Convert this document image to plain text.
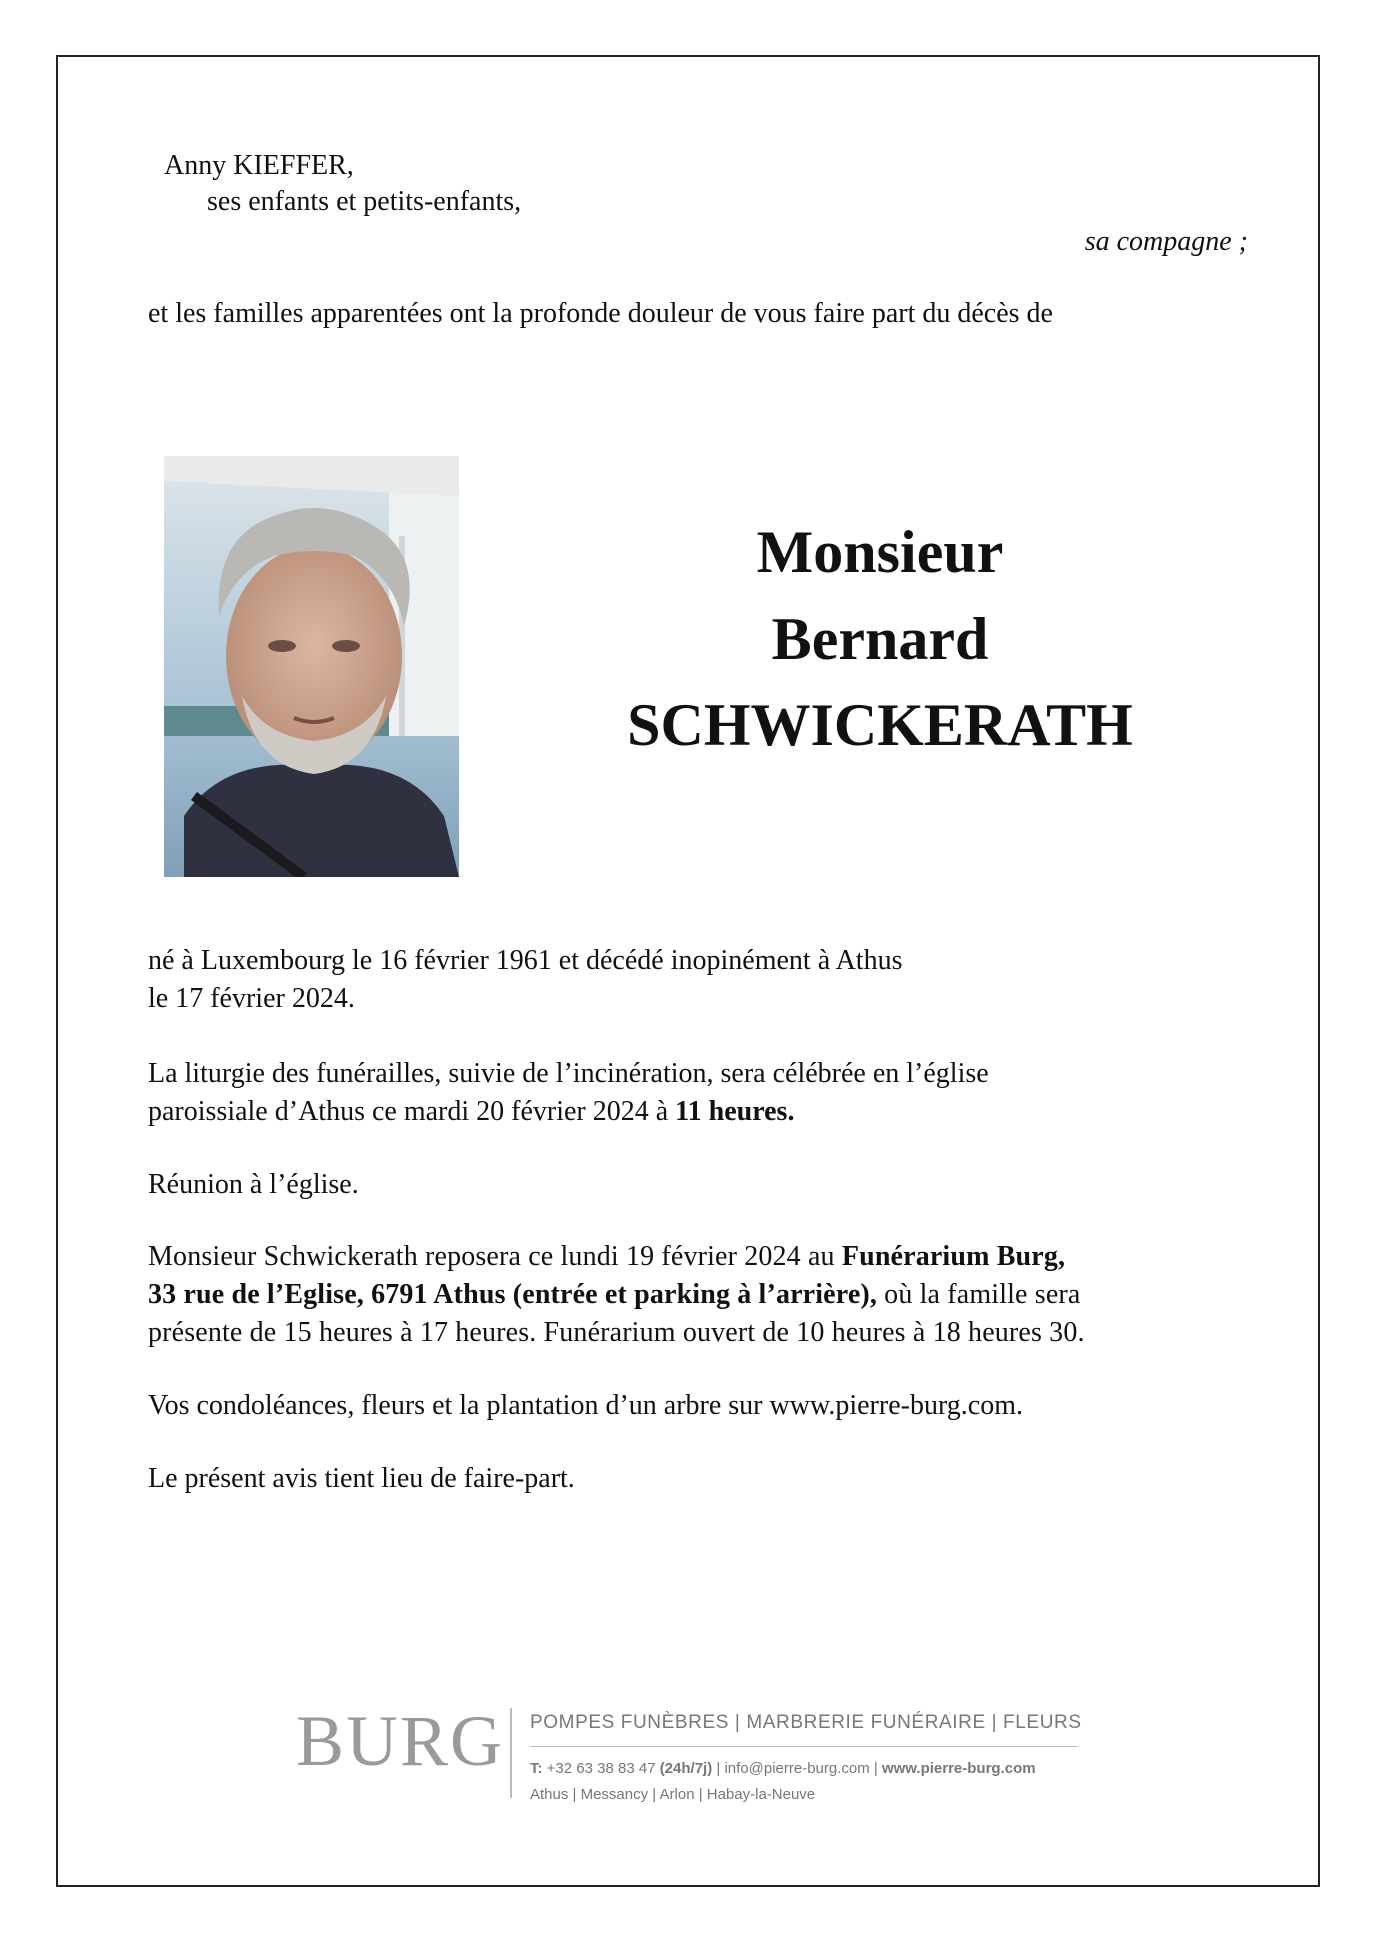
Anny KIEFFER,
ses enfants et petits-enfants,
sa compagne ;
et les familles apparentées ont la profonde douleur de vous faire part du décès de
Monsieur
Bernard
SCHWICKERATH

né à Luxembourg le 16 février 1961 et décédé inopinément à Athus

le 17 février 2024.

La liturgie des funérailles, suivie de l’incinération, sera célébrée en l’église

paroissiale d’Athus ce mardi 20 février 2024 à 11 heures.

Réunion à l’église.

Monsieur Schwickerath reposera ce lundi 19 février 2024 au Funérarium Burg,

33 rue de l’Eglise, 6791 Athus (entrée et parking à l’arrière), où la famille sera

présente de 15 heures à 17 heures. Funérarium ouvert de 10 heures à 18 heures 30.

Vos condoléances, fleurs et la plantation d’un arbre sur www.pierre-burg.com.

Le présent avis tient lieu de faire-part.

BURG POMPES FUNÈBRES | MARBRERIE FUNÉRAIRE | FLEURS
T: +32 63 38 83 47 (24h/7j) | info@pierre-burg.com | www.pierre-burg.com
Athus | Messancy | Arlon | Habay-la-Neuve
